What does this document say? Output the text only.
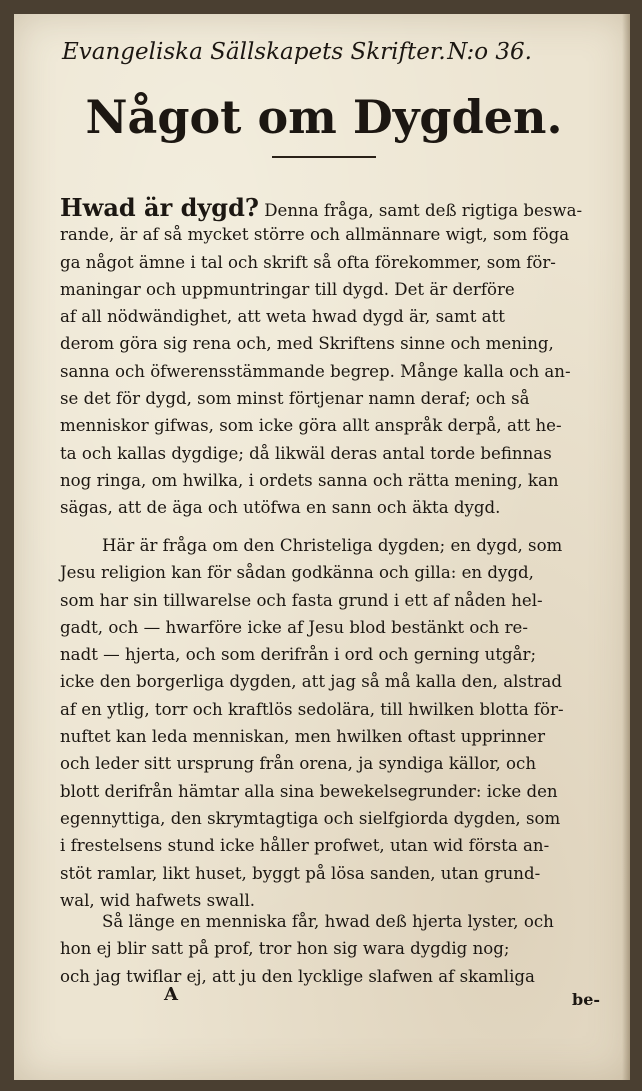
Evangeliska Sällskapets Skrifter. N:o 36.
Något om Dygden.

Hwad är dygd? Denna fråga, samt deß rigtiga beswa-
rande, är af så mycket större och allmännare wigt, som föga
ga något ämne i tal och skrift så ofta förekommer, som för-
maningar och uppmuntringar till dygd. Det är derföre
af all nödwändighet, att weta hwad dygd är, samt att
derom göra sig rena och, med Skriftens sinne och mening,
sanna och öfwerensstämmande begrep. Månge kalla och an-
se det för dygd, som minst förtjenar namn deraf; och så
menniskor gifwas, som icke göra allt anspråk derpå, att he-
ta och kallas dygdige; då likwäl deras antal torde befinnas
nog ringa, om hwilka, i ordets sanna och rätta mening, kan
sägas, att de äga och utöfwa en sann och äkta dygd.

Här är fråga om den Christeliga dygden; en dygd, som
Jesu religion kan för sådan godkänna och gilla: en dygd,
som har sin tillwarelse och fasta grund i ett af nåden hel-
gadt, och — hwarföre icke af Jesu blod bestänkt och re-
nadt — hjerta, och som derifrån i ord och gerning utgår;
icke den borgerliga dygden, att jag så må kalla den, alstrad
af en ytlig, torr och kraftlös sedolära, till hwilken blotta för-
nuftet kan leda menniskan, men hwilken oftast upprinner
och leder sitt ursprung från orena, ja syndiga källor, och
blott derifrån hämtar alla sina bewekelsegrunder: icke den
egennyttiga, den skrymtagtiga och sielfgiorda dygden, som
i frestelsens stund icke håller profwet, utan wid första an-
stöt ramlar, likt huset, byggt på lösa sanden, utan grund-
wal, wid hafwets swall.

Så länge en menniska får, hwad deß hjerta lyster, och
hon ej blir satt på prof, tror hon sig wara dygdig nog;
och jag twiflar ej, att ju den lycklige slafwen af skamliga

A	be-
